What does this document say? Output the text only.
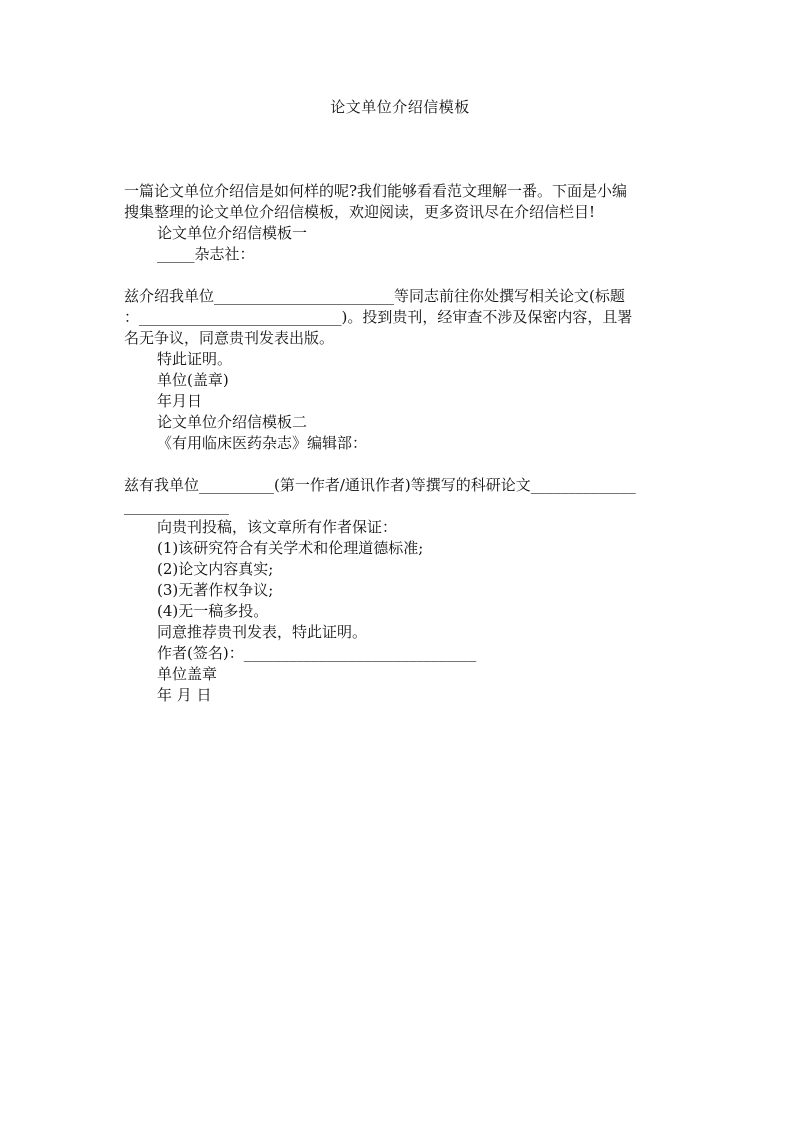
论文单位介绍信模板
一篇论文单位介绍信是如何样的呢?我们能够看看范文理解一番。下面是小编
搜集整理的论文单位介绍信模板，欢迎阅读，更多资讯尽在介绍信栏目!
论文单位介绍信模板一
_____杂志社：
兹介绍我单位________________________等同志前往你处撰写相关论文(标题
：___________________________)。投到贵刊，经审查不涉及保密内容，且署
名无争议，同意贵刊发表出版。
特此证明。
单位(盖章)
年月日
论文单位介绍信模板二
《有用临床医药杂志》编辑部：
兹有我单位__________(第一作者/通讯作者)等撰写的科研论文______________
______________
向贵刊投稿，该文章所有作者保证：
(1)该研究符合有关学术和伦理道德标准;
(2)论文内容真实;
(3)无著作权争议;
(4)无一稿多投。
同意推荐贵刊发表，特此证明。
作者(签名)：_______________________________
单位盖章
年 月 日
